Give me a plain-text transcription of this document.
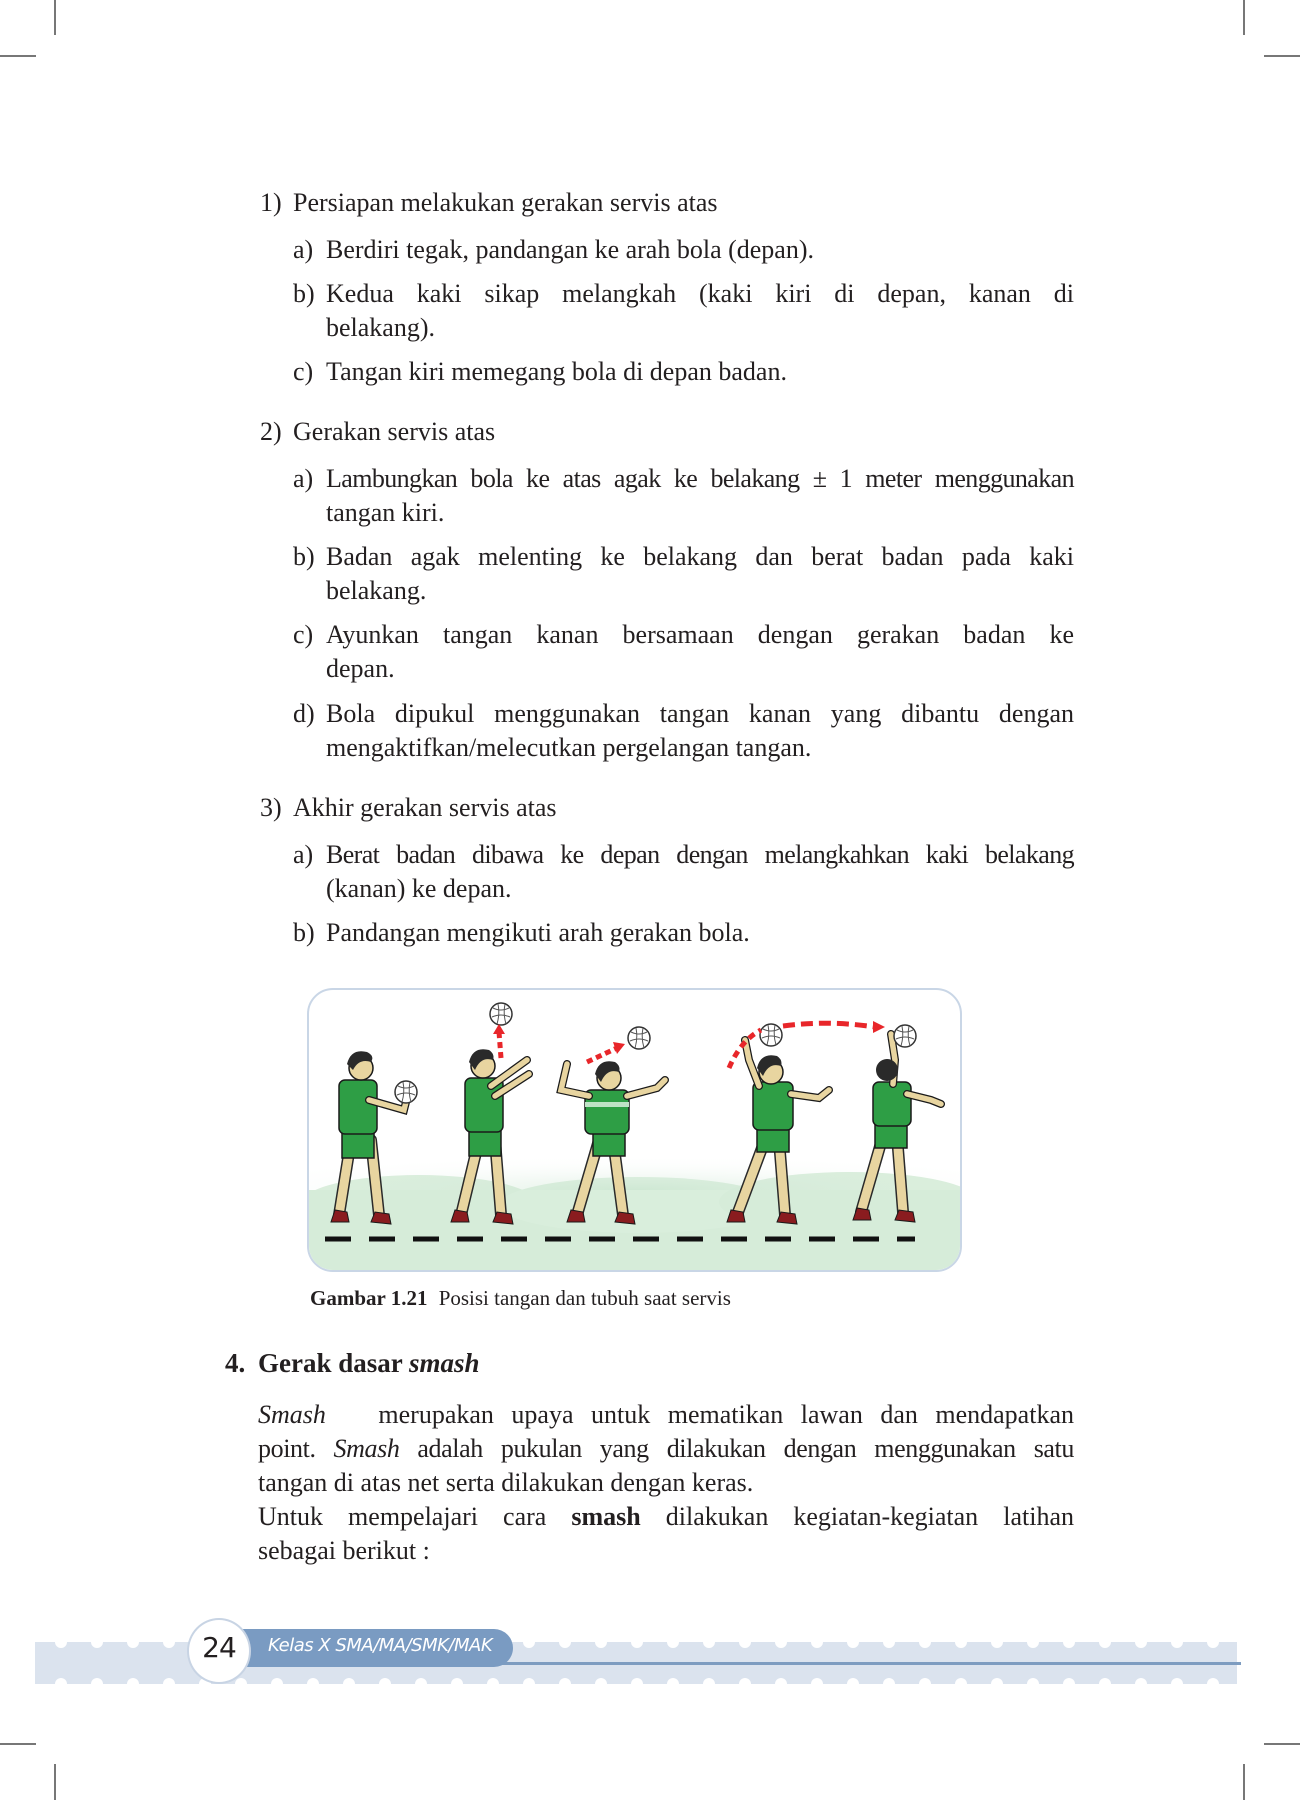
1) Persiapan melakukan gerakan servis atas
a) Berdiri tegak, pandangan ke arah bola (depan).
b) Kedua kaki sikap melangkah (kaki kiri di depan, kanan di
belakang).
c) Tangan kiri memegang bola di depan badan.
2) Gerakan servis atas
a) Lambungkan bola ke atas agak ke belakang ± 1 meter menggunakan
tangan kiri.
b) Badan agak melenting ke belakang dan berat badan pada kaki
belakang.
c) Ayunkan tangan kanan bersamaan dengan gerakan badan ke
depan.
d) Bola dipukul menggunakan tangan kanan yang dibantu dengan
mengaktifkan/melecutkan pergelangan tangan.
3) Akhir gerakan servis atas
a) Berat badan dibawa ke depan dengan melangkahkan kaki belakang
(kanan) ke depan.
b) Pandangan mengikuti arah gerakan bola.
Gambar 1.21 Posisi tangan dan tubuh saat servis
4. Gerak dasar smash
Smash merupakan upaya untuk mematikan lawan dan mendapatkan
point. Smash adalah pukulan yang dilakukan dengan menggunakan satu
tangan di atas net serta dilakukan dengan keras.
Untuk mempelajari cara smash dilakukan kegiatan-kegiatan latihan
sebagai berikut :
Kelas X SMA/MA/SMK/MAK
24
